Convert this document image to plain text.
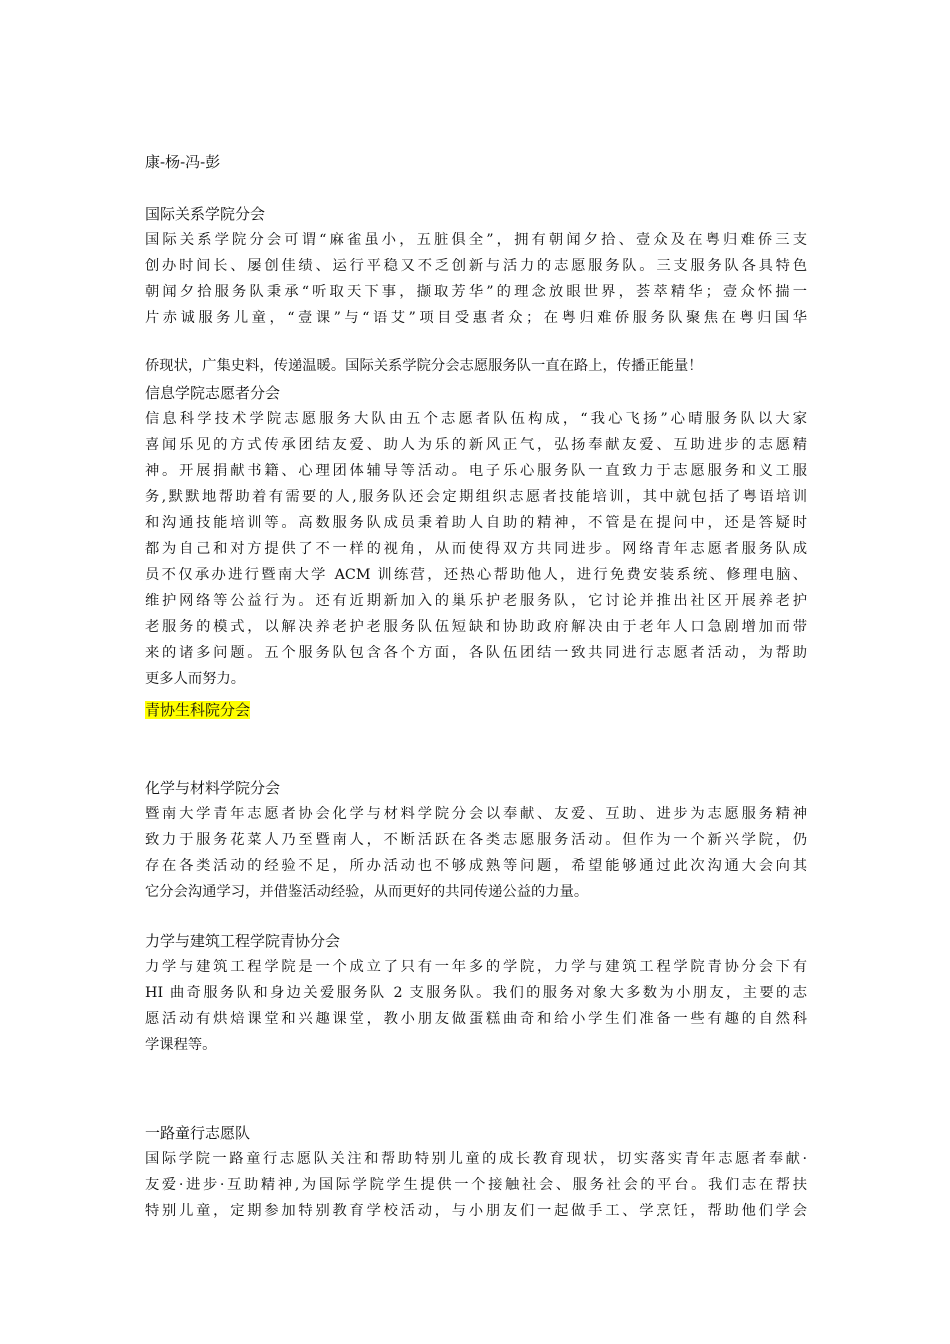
康-杨-冯-彭
国际关系学院分会
国际关系学院分会可谓“麻雀虽小，五脏俱全”，拥有朝闻夕拾、壹众及在粤归难侨三支
创办时间长、屡创佳绩、运行平稳又不乏创新与活力的志愿服务队。三支服务队各具特色
朝闻夕拾服务队秉承“听取天下事，撷取芳华”的理念放眼世界，荟萃精华；壹众怀揣一
片赤诚服务儿童，“壹课”与“语艾”项目受惠者众；在粤归难侨服务队聚焦在粤归国华
侨现状，广集史料，传递温暖。国际关系学院分会志愿服务队一直在路上，传播正能量！
信息学院志愿者分会
信息科学技术学院志愿服务大队由五个志愿者队伍构成，“我心飞扬”心晴服务队以大家
喜闻乐见的方式传承团结友爱、助人为乐的新风正气，弘扬奉献友爱、互助进步的志愿精
神。开展捐献书籍、心理团体辅导等活动。电子乐心服务队一直致力于志愿服务和义工服
务,默默地帮助着有需要的人,服务队还会定期组织志愿者技能培训，其中就包括了粤语培训
和沟通技能培训等。高数服务队成员秉着助人自助的精神，不管是在提问中，还是答疑时
都为自己和对方提供了不一样的视角，从而使得双方共同进步。网络青年志愿者服务队成
员不仅承办进行暨南大学 ACM 训练营，还热心帮助他人，进行免费安装系统、修理电脑、
维护网络等公益行为。还有近期新加入的巢乐护老服务队，它讨论并推出社区开展养老护
老服务的模式，以解决养老护老服务队伍短缺和协助政府解决由于老年人口急剧增加而带
来的诸多问题。五个服务队包含各个方面，各队伍团结一致共同进行志愿者活动，为帮助
更多人而努力。
青协生科院分会
化学与材料学院分会
暨南大学青年志愿者协会化学与材料学院分会以奉献、友爱、互助、进步为志愿服务精神
致力于服务花菜人乃至暨南人，不断活跃在各类志愿服务活动。但作为一个新兴学院，仍
存在各类活动的经验不足，所办活动也不够成熟等问题，希望能够通过此次沟通大会向其
它分会沟通学习，并借鉴活动经验，从而更好的共同传递公益的力量。
力学与建筑工程学院青协分会
力学与建筑工程学院是一个成立了只有一年多的学院，力学与建筑工程学院青协分会下有
HI 曲奇服务队和身边关爱服务队 2 支服务队。我们的服务对象大多数为小朋友，主要的志
愿活动有烘焙课堂和兴趣课堂，教小朋友做蛋糕曲奇和给小学生们准备一些有趣的自然科
学课程等。
一路童行志愿队
国际学院一路童行志愿队关注和帮助特别儿童的成长教育现状，切实落实青年志愿者奉献·
友爱·进步·互助精神,为国际学院学生提供一个接触社会、服务社会的平台。我们志在帮扶
特别儿童，定期参加特别教育学校活动，与小朋友们一起做手工、学烹饪，帮助他们学会
